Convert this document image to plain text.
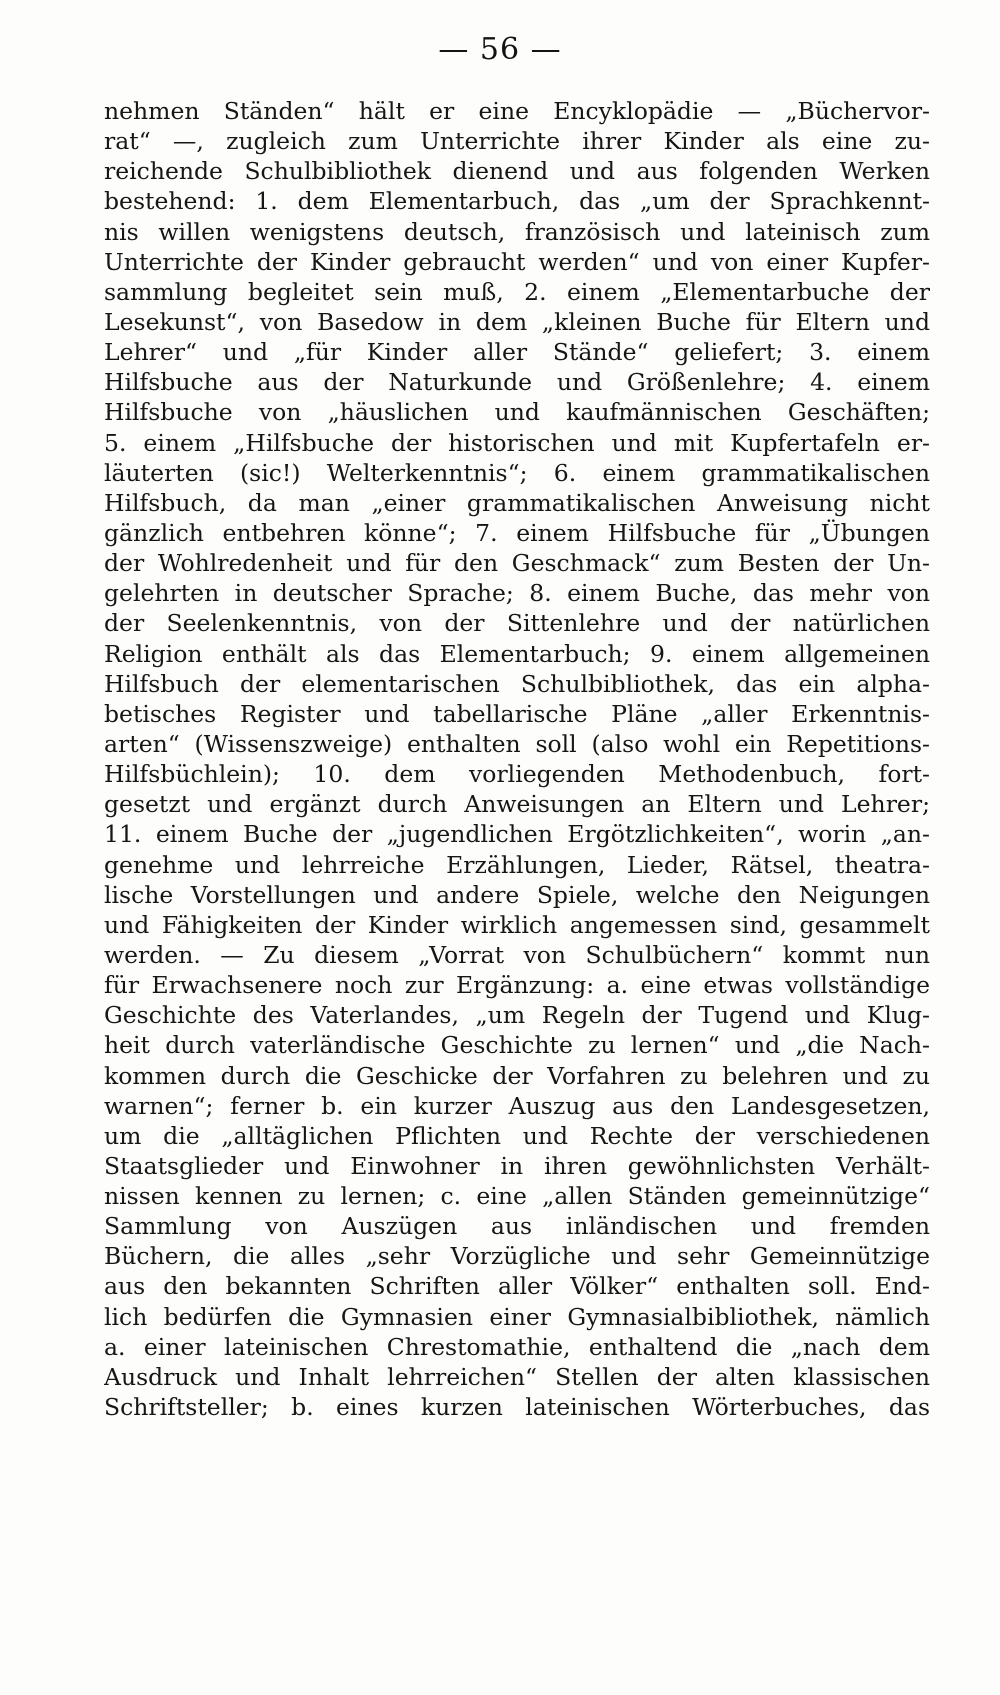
— 56 —
nehmen Ständen“ hält er eine Encyklopädie — „Büchervor-
rat“ —, zugleich zum Unterrichte ihrer Kinder als eine zu-
reichende Schulbibliothek dienend und aus folgenden Werken
bestehend: 1. dem Elementarbuch, das „um der Sprachkennt-
nis willen wenigstens deutsch, französisch und lateinisch zum
Unterrichte der Kinder gebraucht werden“ und von einer Kupfer-
sammlung begleitet sein muß, 2. einem „Elementarbuche der
Lesekunst“, von Basedow in dem „kleinen Buche für Eltern und
Lehrer“ und „für Kinder aller Stände“ geliefert; 3. einem
Hilfsbuche aus der Naturkunde und Größenlehre; 4. einem
Hilfsbuche von „häuslichen und kaufmännischen Geschäften;
5. einem „Hilfsbuche der historischen und mit Kupfertafeln er-
läuterten (sic!) Welterkenntnis“; 6. einem grammatikalischen
Hilfsbuch, da man „einer grammatikalischen Anweisung nicht
gänzlich entbehren könne“; 7. einem Hilfsbuche für „Übungen
der Wohlredenheit und für den Geschmack“ zum Besten der Un-
gelehrten in deutscher Sprache; 8. einem Buche, das mehr von
der Seelenkenntnis, von der Sittenlehre und der natürlichen
Religion enthält als das Elementarbuch; 9. einem allgemeinen
Hilfsbuch der elementarischen Schulbibliothek, das ein alpha-
betisches Register und tabellarische Pläne „aller Erkenntnis-
arten“ (Wissenszweige) enthalten soll (also wohl ein Repetitions-
Hilfsbüchlein); 10. dem vorliegenden Methodenbuch, fort-
gesetzt und ergänzt durch Anweisungen an Eltern und Lehrer;
11. einem Buche der „jugendlichen Ergötzlichkeiten“, worin „an-
genehme und lehrreiche Erzählungen, Lieder, Rätsel, theatra-
lische Vorstellungen und andere Spiele, welche den Neigungen
und Fähigkeiten der Kinder wirklich angemessen sind, gesammelt
werden. — Zu diesem „Vorrat von Schulbüchern“ kommt nun
für Erwachsenere noch zur Ergänzung: a. eine etwas vollständige
Geschichte des Vaterlandes, „um Regeln der Tugend und Klug-
heit durch vaterländische Geschichte zu lernen“ und „die Nach-
kommen durch die Geschicke der Vorfahren zu belehren und zu
warnen“; ferner b. ein kurzer Auszug aus den Landesgesetzen,
um die „alltäglichen Pflichten und Rechte der verschiedenen
Staatsglieder und Einwohner in ihren gewöhnlichsten Verhält-
nissen kennen zu lernen; c. eine „allen Ständen gemeinnützige“
Sammlung von Auszügen aus inländischen und fremden
Büchern, die alles „sehr Vorzügliche und sehr Gemeinnützige
aus den bekannten Schriften aller Völker“ enthalten soll. End-
lich bedürfen die Gymnasien einer Gymnasialbibliothek, nämlich
a. einer lateinischen Chrestomathie, enthaltend die „nach dem
Ausdruck und Inhalt lehrreichen“ Stellen der alten klassischen
Schriftsteller; b. eines kurzen lateinischen Wörterbuches, das
